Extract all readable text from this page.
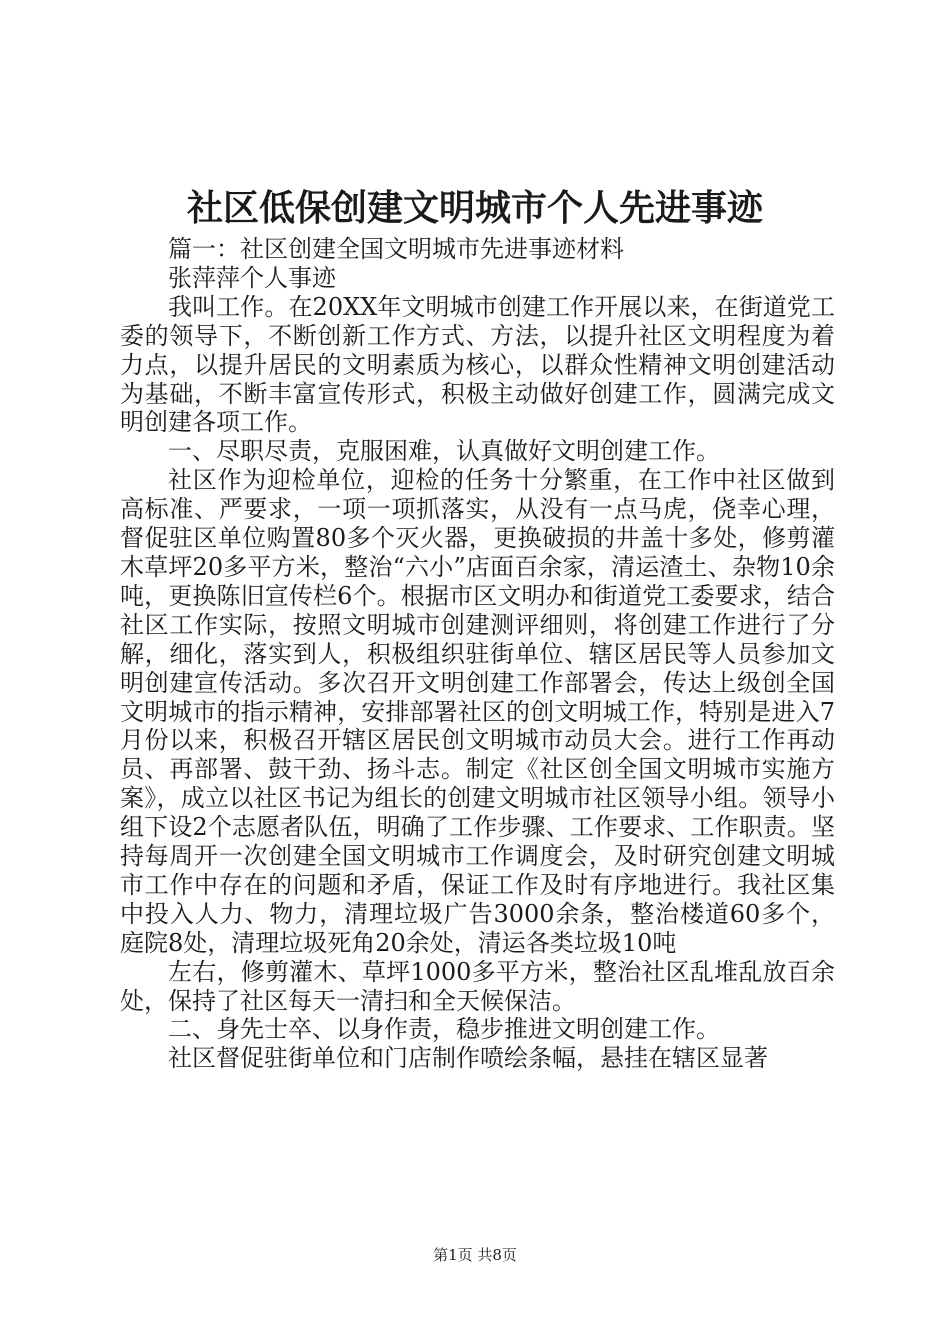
社区低保创建文明城市个人先进事迹

篇一：社区创建全国文明城市先进事迹材料

张萍萍个人事迹

我叫工作。在20XX年文明城市创建工作开展以来，在街道党工委的领导下，不断创新工作方式、方法，以提升社区文明程度为着力点，以提升居民的文明素质为核心，以群众性精神文明创建活动为基础，不断丰富宣传形式，积极主动做好创建工作，圆满完成文明创建各项工作。

一、尽职尽责，克服困难，认真做好文明创建工作。

社区作为迎检单位，迎检的任务十分繁重，在工作中社区做到高标准、严要求，一项一项抓落实，从没有一点马虎，侥幸心理，督促驻区单位购置80多个灭火器，更换破损的井盖十多处，修剪灌木草坪20多平方米，整治“六小”店面百余家，清运渣土、杂物10余吨，更换陈旧宣传栏6个。根据市区文明办和街道党工委要求，结合社区工作实际，按照文明城市创建测评细则，将创建工作进行了分解，细化，落实到人，积极组织驻街单位、辖区居民等人员参加文明创建宣传活动。多次召开文明创建工作部署会，传达上级创全国文明城市的指示精神，安排部署社区的创文明城工作，特别是进入7月份以来，积极召开辖区居民创文明城市动员大会。进行工作再动员、再部署、鼓干劲、扬斗志。制定《社区创全国文明城市实施方案》，成立以社区书记为组长的创建文明城市社区领导小组。领导小组下设2个志愿者队伍，明确了工作步骤、工作要求、工作职责。坚持每周开一次创建全国文明城市工作调度会，及时研究创建文明城市工作中存在的问题和矛盾，保证工作及时有序地进行。我社区集中投入人力、物力，清理垃圾广告3000余条，整治楼道60多个，庭院8处，清理垃圾死角20余处，清运各类垃圾10吨

左右，修剪灌木、草坪1000多平方米，整治社区乱堆乱放百余处，保持了社区每天一清扫和全天候保洁。

二、身先士卒、以身作责，稳步推进文明创建工作。

社区督促驻街单位和门店制作喷绘条幅，悬挂在辖区显著

第1页 共8页
